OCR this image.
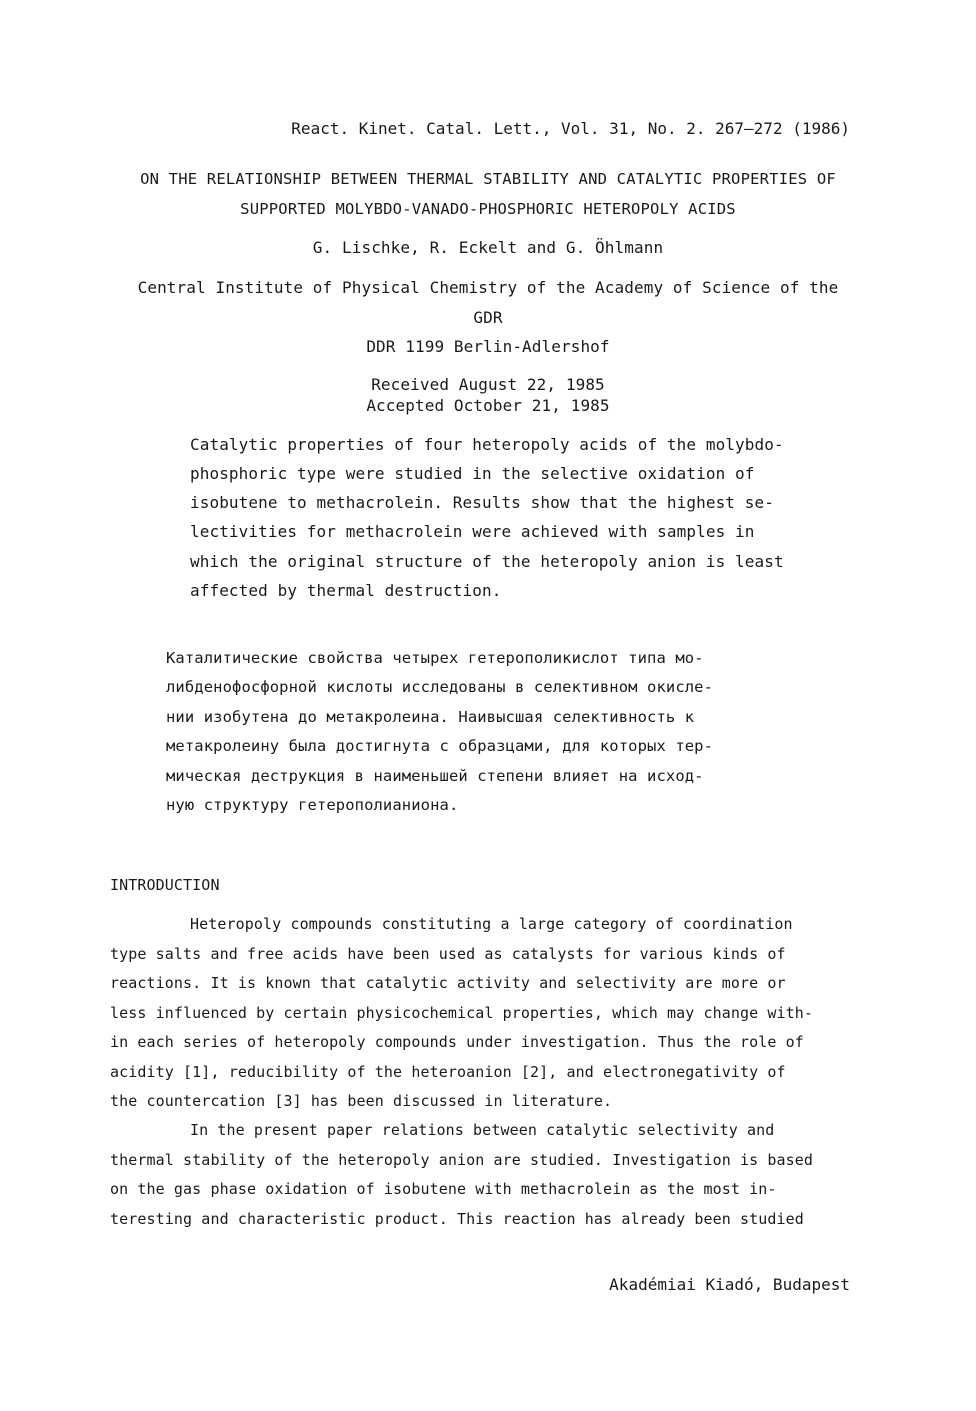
React. Kinet. Catal. Lett., Vol. 31, No. 2. 267–272 (1986)
ON THE RELATIONSHIP BETWEEN THERMAL STABILITY AND CATALYTIC PROPERTIES OF
SUPPORTED MOLYBDO-VANADO-PHOSPHORIC HETEROPOLY ACIDS
G. Lischke, R. Eckelt and G. Öhlmann
Central Institute of Physical Chemistry of the Academy of Science of the
GDR
DDR 1199 Berlin-Adlershof
Received August 22, 1985
Accepted October 21, 1985
Catalytic properties of four heteropoly acids of the molybdo-
phosphoric type were studied in the selective oxidation of
isobutene to methacrolein. Results show that the highest se-
lectivities for methacrolein were achieved with samples in
which the original structure of the heteropoly anion is least
affected by thermal destruction.
Каталитические свойства четырех гетерополикислот типа мо-
либденофосфорной кислоты исследованы в селективном окисле-
нии изобутена до метакролеина. Наивысшая селективность к
метакролеину была достигнута с образцами, для которых тер-
мическая деструкция в наименьшей степени влияет на исход-
ную структуру гетерополианиона.
INTRODUCTION
Heteropoly compounds constituting a large category of coordination
type salts and free acids have been used as catalysts for various kinds of
reactions. It is known that catalytic activity and selectivity are more or
less influenced by certain physicochemical properties, which may change with-
in each series of heteropoly compounds under investigation. Thus the role of
acidity [1], reducibility of the heteroanion [2], and electronegativity of
the countercation [3] has been discussed in literature.
In the present paper relations between catalytic selectivity and
thermal stability of the heteropoly anion are studied. Investigation is based
on the gas phase oxidation of isobutene with methacrolein as the most in-
teresting and characteristic product. This reaction has already been studied
Akadémiai Kiadó, Budapest
